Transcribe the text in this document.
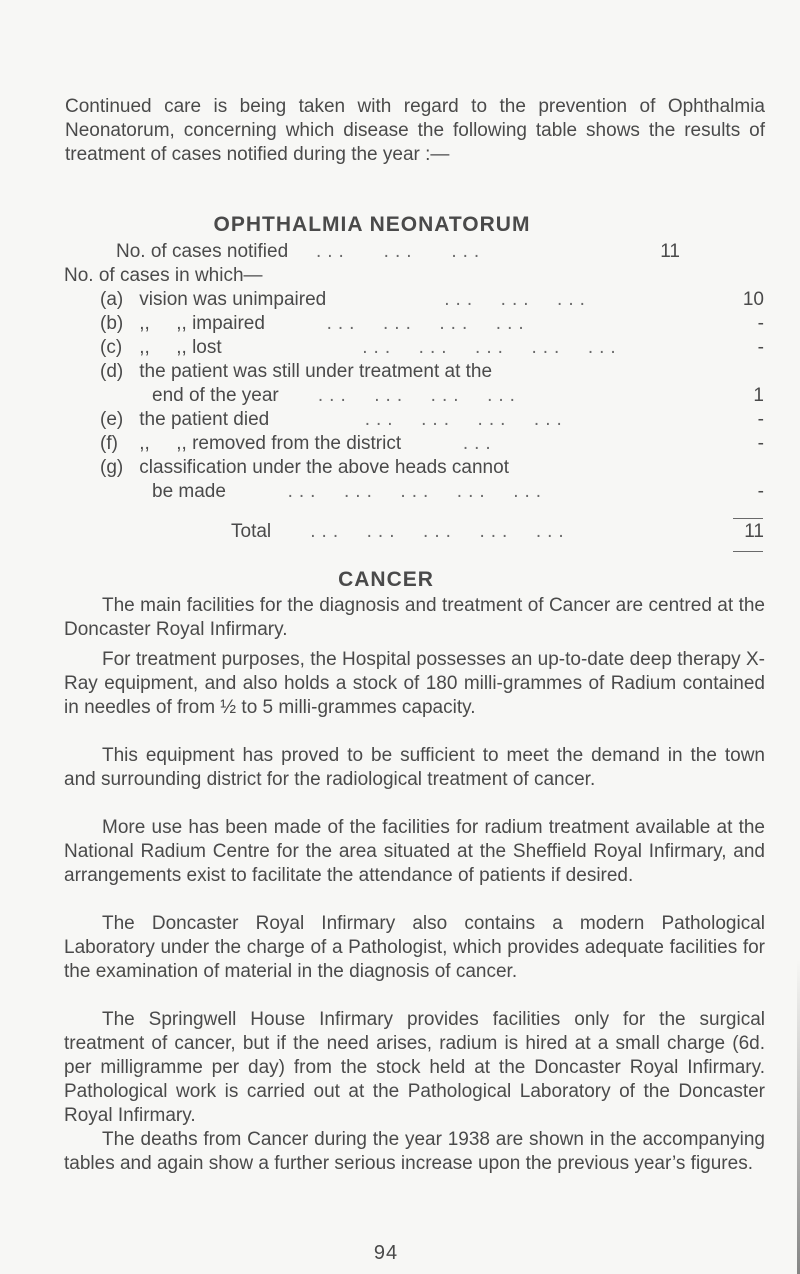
Continued care is being taken with regard to the prevention of Ophthalmia Neonatorum, concerning which disease the following table shows the results of treatment of cases notified during the year :—

OPHTHALMIA NEONATORUM
No. of cases notified   ...   ...   ...	11
No. of cases in which—
(a) vision was unimpaired           ...  ...  ...	10
(b) ,,     ,, impaired      ...  ...  ...  ...	-
(c) ,,     ,, lost             ...  ...  ...  ...  ...	-
(d) the patient was still under treatment at the
end of the year    ...  ...  ...  ...	1
(e) the patient died         ...  ...  ...  ...	-
(f) ,,     ,, removed from the district      ...	-
(g) classification under the above heads cannot
be made      ...  ...  ...  ...  ...	-
Total    ...  ...  ...  ...  ...	11
CANCER

The main facilities for the diagnosis and treatment of Cancer are centred at the Doncaster Royal Infirmary.

For treatment purposes, the Hospital possesses an up-to-date deep therapy X-Ray equipment, and also holds a stock of 180 milli-grammes of Radium contained in needles of from ½ to 5 milli-grammes capacity.

This equipment has proved to be sufficient to meet the demand in the town and surrounding district for the radiological treatment of cancer.

More use has been made of the facilities for radium treatment available at the National Radium Centre for the area situated at the Sheffield Royal Infirmary, and arrangements exist to facilitate the attendance of patients if desired.

The Doncaster Royal Infirmary also contains a modern Pathological Laboratory under the charge of a Pathologist, which provides adequate facilities for the examination of material in the diagnosis of cancer.

The Springwell House Infirmary provides facilities only for the surgical treatment of cancer, but if the need arises, radium is hired at a small charge (6d. per milligramme per day) from the stock held at the Doncaster Royal Infirmary. Pathological work is carried out at the Pathological Laboratory of the Doncaster Royal Infirmary.

The deaths from Cancer during the year 1938 are shown in the accompanying tables and again show a further serious increase upon the previous year’s figures.

94
